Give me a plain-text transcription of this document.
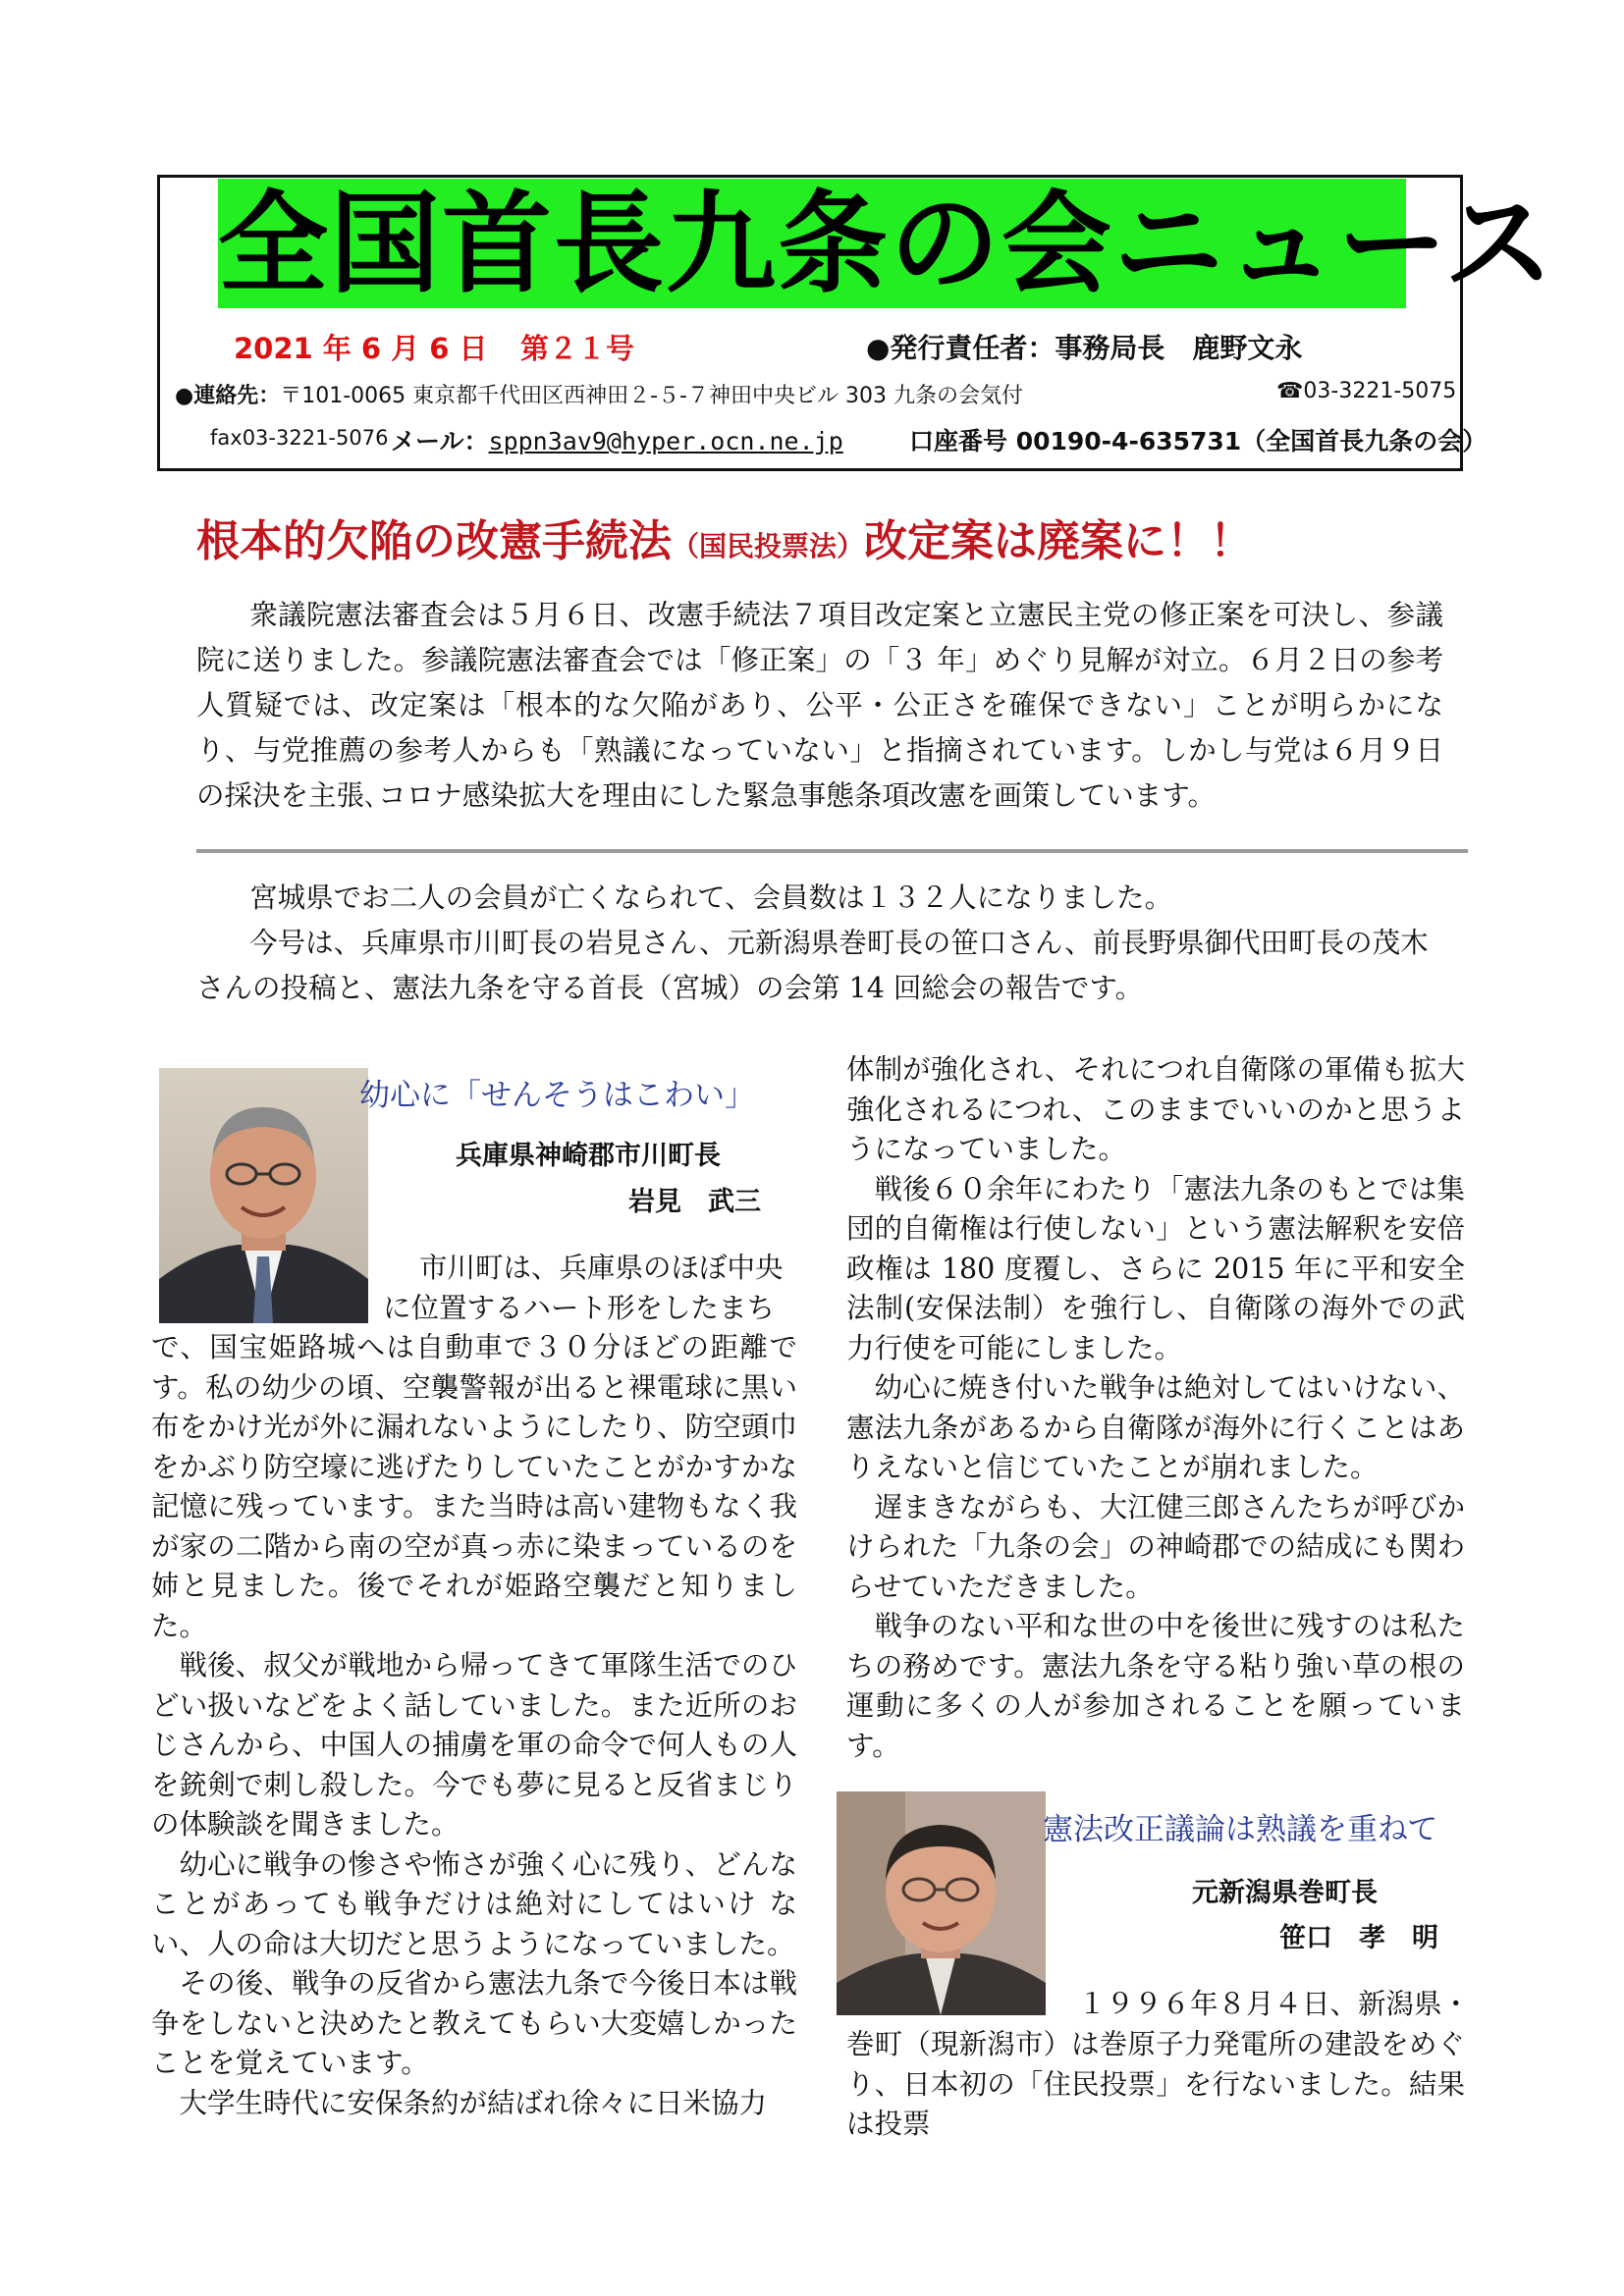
全国首長九条の会ニュース
2021 年 6 月 6 日 第２１号	●発行責任者：事務局長　鹿野文永
●連絡先：〒101-0065 東京都千代田区西神田２-５-７神田中央ビル 303 九条の会気付	☎03-3221-5075
fax03-3221-5076 メール：sppn3av9@hyper.ocn.ne.jp	口座番号 00190-4-635731（全国首長九条の会）
根本的欠陥の改憲手続法（国民投票法）改定案は廃案に！！

衆議院憲法審査会は５月６日、改憲手続法７項目改定案と立憲民主党の修正案を可決し、参議院に送りました。参議院憲法審査会では「修正案」の「３ 年」めぐり見解が対立。６月２日の参考人質疑では、改定案は「根本的な欠陥があり、公平・公正さを確保できない」ことが明らかになり、与党推薦の参考人からも「熟議になっていない」と指摘されています。しかし与党は６月９日の採決を主張､コロナ感染拡大を理由にした緊急事態条項改憲を画策しています。

宮城県でお二人の会員が亡くなられて、会員数は１３２人になりました。

今号は、兵庫県市川町長の岩見さん、元新潟県巻町長の笹口さん、前長野県御代田町長の茂木さんの投稿と、憲法九条を守る首長（宮城）の会第 14 回総会の報告です。

幼心に「せんそうはこわい」
兵庫県神崎郡市川町長
岩見　武三

市川町は、兵庫県のほぼ中央

に位置するハート形をしたまち

で、国宝姫路城へは自動車で３０分ほどの距離です。私の幼少の頃、空襲警報が出ると裸電球に黒い布をかけ光が外に漏れないようにしたり、防空頭巾をかぶり防空壕に逃げたりしていたことがかすかな記憶に残っています。また当時は高い建物もなく我が家の二階から南の空が真っ赤に染まっているのを姉と見ました。後でそれが姫路空襲だと知りました。

戦後、叔父が戦地から帰ってきて軍隊生活でのひどい扱いなどをよく話していました。また近所のおじさんから、中国人の捕虜を軍の命令で何人もの人を銃剣で刺し殺した。今でも夢に見ると反省まじりの体験談を聞きました。

幼心に戦争の惨さや怖さが強く心に残り、どんなことがあっても戦争だけは絶対にしてはいけ ない、人の命は大切だと思うようになっていました。

その後、戦争の反省から憲法九条で今後日本は戦争をしないと決めたと教えてもらい大変嬉しかったことを覚えています。

大学生時代に安保条約が結ばれ徐々に日米協力

体制が強化され、それにつれ自衛隊の軍備も拡大強化されるにつれ、このままでいいのかと思うようになっていました。

戦後６０余年にわたり「憲法九条のもとでは集団的自衛権は行使しない」という憲法解釈を安倍政権は 180 度覆し、さらに 2015 年に平和安全法制(安保法制）を強行し、自衛隊の海外での武力行使を可能にしました。

幼心に焼き付いた戦争は絶対してはいけない、憲法九条があるから自衛隊が海外に行くことはありえないと信じていたことが崩れました。

遅まきながらも、大江健三郎さんたちが呼びかけられた「九条の会」の神崎郡での結成にも関わらせていただきました。

戦争のない平和な世の中を後世に残すのは私たちの務めです。憲法九条を守る粘り強い草の根の運動に多くの人が参加されることを願っています。

憲法改正議論は熟議を重ねて
元新潟県巻町長
笹口　孝　明

１９９６年８月４日、新潟県・

巻町（現新潟市）は巻原子力発電所の建設をめぐり、日本初の「住民投票」を行ないました。結果は投票
